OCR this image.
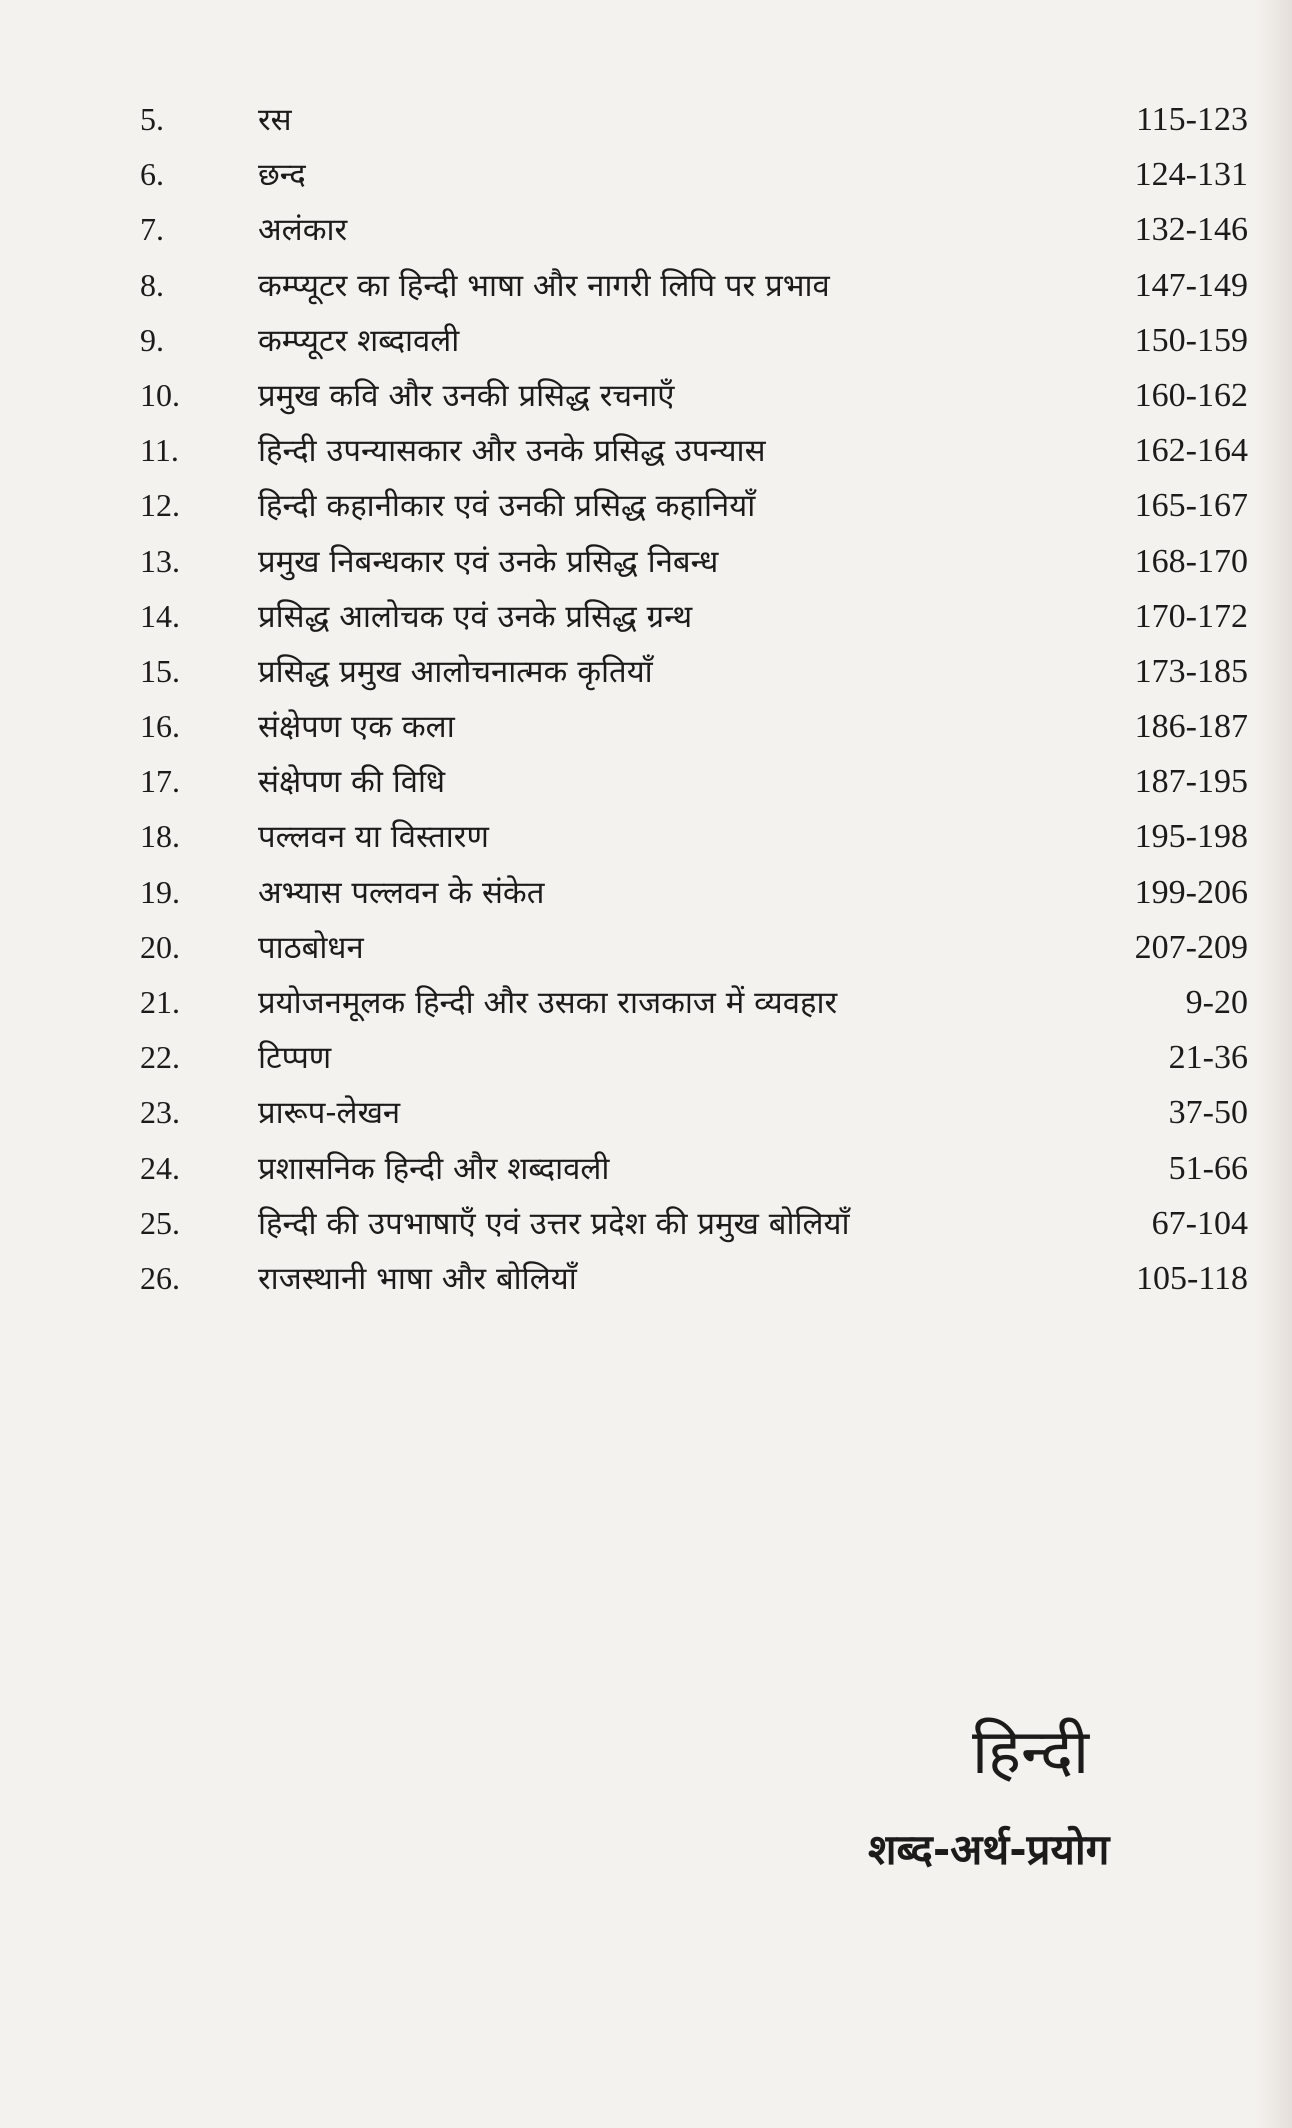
5.	रस	115-123
6.	छन्द	124-131
7.	अलंकार	132-146
8.	कम्प्यूटर का हिन्दी भाषा और नागरी लिपि पर प्रभाव	147-149
9.	कम्प्यूटर शब्दावली	150-159
10.	प्रमुख कवि और उनकी प्रसिद्ध रचनाएँ	160-162
11.	हिन्दी उपन्यासकार और उनके प्रसिद्ध उपन्यास	162-164
12.	हिन्दी कहानीकार एवं उनकी प्रसिद्ध कहानियाँ	165-167
13.	प्रमुख निबन्धकार एवं उनके प्रसिद्ध निबन्ध	168-170
14.	प्रसिद्ध आलोचक एवं उनके प्रसिद्ध ग्रन्थ	170-172
15.	प्रसिद्ध प्रमुख आलोचनात्मक कृतियाँ	173-185
16.	संक्षेपण एक कला	186-187
17.	संक्षेपण की विधि	187-195
18.	पल्लवन या विस्तारण	195-198
19.	अभ्यास पल्लवन के संकेत	199-206
20.	पाठबोधन	207-209
21.	प्रयोजनमूलक हिन्दी और उसका राजकाज में व्यवहार	9-20
22.	टिप्पण	21-36
23.	प्रारूप-लेखन	37-50
24.	प्रशासनिक हिन्दी और शब्दावली	51-66
25.	हिन्दी की उपभाषाएँ एवं उत्तर प्रदेश की प्रमुख बोलियाँ	67-104
26.	राजस्थानी भाषा और बोलियाँ	105-118
हिन्दी
शब्द-अर्थ-प्रयोग
